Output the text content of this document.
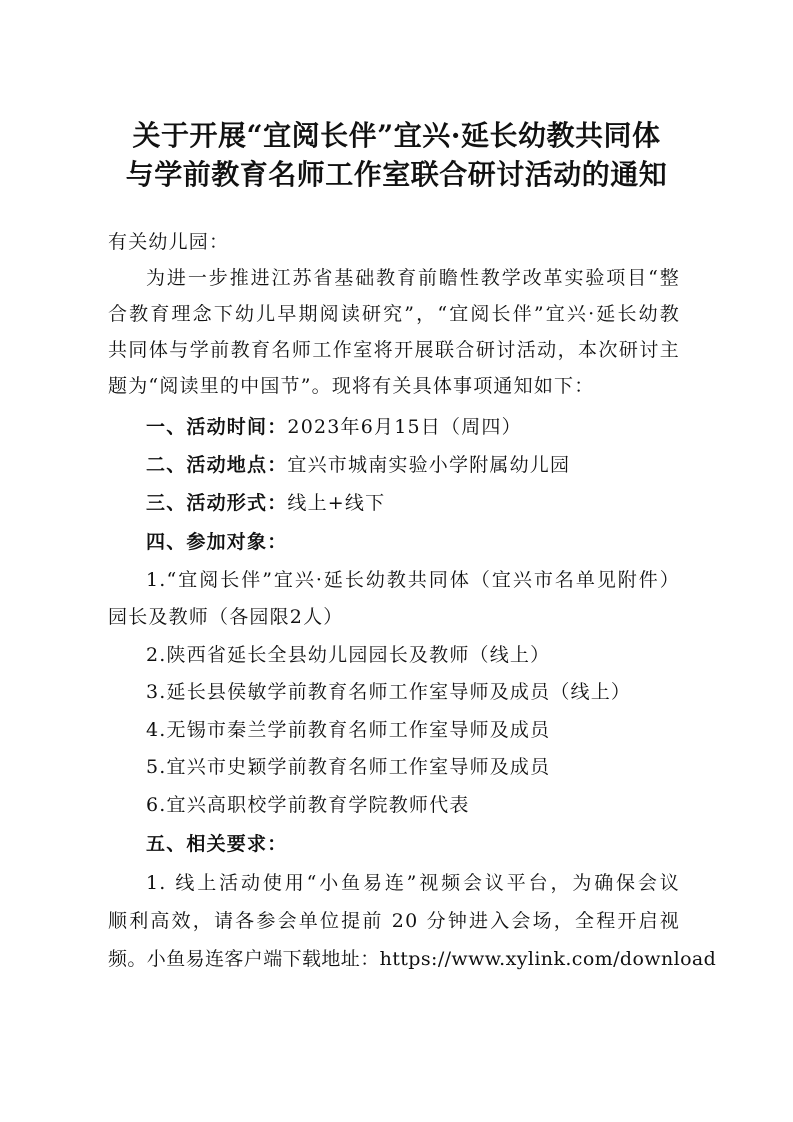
关于开展“宜阅长伴”宜兴·延长幼教共同体
与学前教育名师工作室联合研讨活动的通知
有关幼儿园：
为进一步推进江苏省基础教育前瞻性教学改革实验项目“整
合教育理念下幼儿早期阅读研究”，“宜阅长伴”宜兴·延长幼教
共同体与学前教育名师工作室将开展联合研讨活动，本次研讨主
题为“阅读里的中国节”。现将有关具体事项通知如下：
一、活动时间：2023年6月15日（周四）
二、活动地点：宜兴市城南实验小学附属幼儿园
三、活动形式：线上+线下
四、参加对象：
1.“宜阅长伴”宜兴·延长幼教共同体（宜兴市名单见附件）
园长及教师（各园限2人）
2.陕西省延长全县幼儿园园长及教师（线上）
3.延长县侯敏学前教育名师工作室导师及成员（线上）
4.无锡市秦兰学前教育名师工作室导师及成员
5.宜兴市史颖学前教育名师工作室导师及成员
6.宜兴高职校学前教育学院教师代表
五、相关要求：
1. 线上活动使用“小鱼易连”视频会议平台，为确保会议
顺利高效，请各参会单位提前 20 分钟进入会场，全程开启视
频。小鱼易连客户端下载地址：https://www.xylink.com/download
